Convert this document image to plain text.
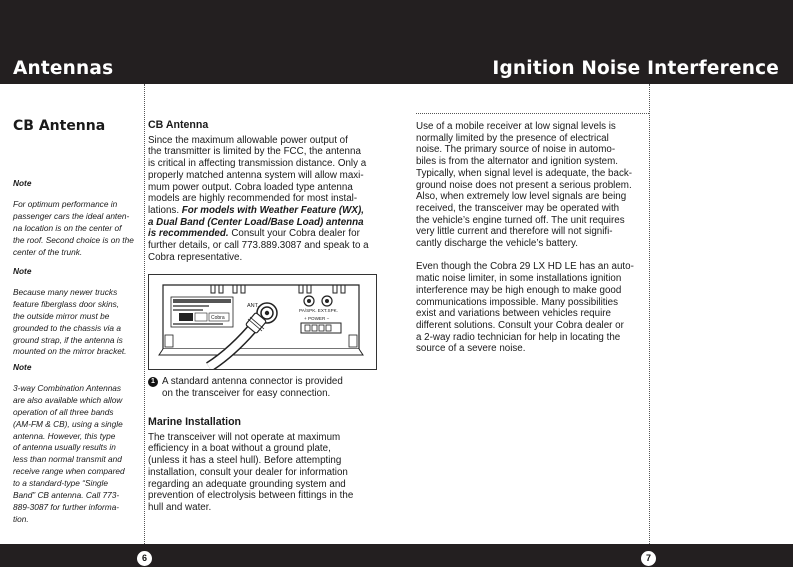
Antennas	Ignition Noise Interference
CB Antenna
Note
For optimum performance in
passenger cars the ideal anten-
na location is on the center of
the roof. Second choice is on the
center of the trunk.
Note
Because many newer trucks
feature fiberglass door skins,
the outside mirror must be
grounded to the chassis via a
ground strap, if the antenna is
mounted on the mirror bracket.
Note
3-way Combination Antennas
are also available which allow
operation of all three bands
(AM-FM & CB), using a single
antenna. However, this type
of antenna usually results in
less than normal transmit and
receive range when compared
to a standard-type “Single
Band” CB antenna. Call 773-
889-3087 for further informa-
tion.
CB Antenna
Since the maximum allowable power output of
the transmitter is limited by the FCC, the antenna
is critical in affecting transmission distance. Only a
properly matched antenna system will allow maxi-
mum power output. Cobra loaded type antenna
models are highly recommended for most instal-
lations. For models with Weather Feature (WX),
a Dual Band (Center Load/Base Load) antenna
is recommended. Consult your Cobra dealer for
further details, or call 773.889.3087 and speak to a
Cobra representative.
Cobra
ANT.
PA/SPK. EXT.SPK.
+ POWER −
1 A standard antenna connector is provided
on the transceiver for easy connection.
Marine Installation
The transceiver will not operate at maximum
efficiency in a boat without a ground plate,
(unless it has a steel hull). Before attempting
installation, consult your dealer for information
regarding an adequate grounding system and
prevention of electrolysis between fittings in the
hull and water.
Use of a mobile receiver at low signal levels is
normally limited by the presence of electrical
noise. The primary source of noise in automo-
biles is from the alternator and ignition system.
Typically, when signal level is adequate, the back-
ground noise does not present a serious problem.
Also, when extremely low level signals are being
received, the transceiver may be operated with
the vehicle’s engine turned off. The unit requires
very little current and therefore will not signifi-
cantly discharge the vehicle’s battery.
Even though the Cobra 29 LX HD LE has an auto-
matic noise limiter, in some installations ignition
interference may be high enough to make good
communications impossible. Many possibilities
exist and variations between vehicles require
different solutions. Consult your Cobra dealer or
a 2-way radio technician for help in locating the
source of a severe noise.
6	7
